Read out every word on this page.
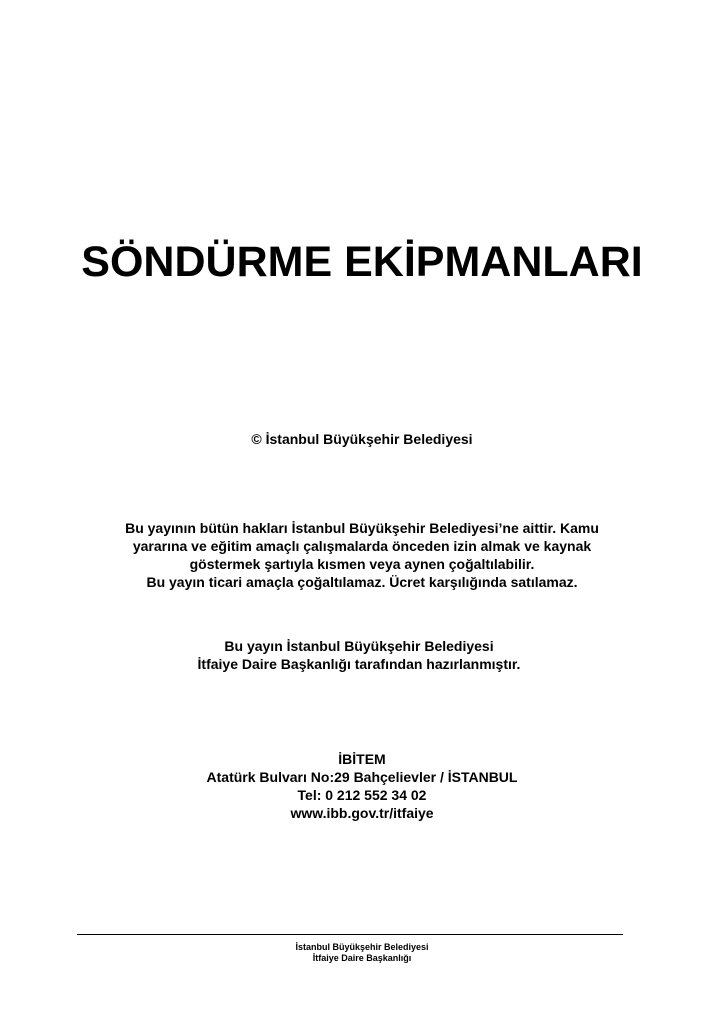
SÖNDÜRME EKİPMANLARI
© İstanbul Büyükşehir Belediyesi
Bu yayının bütün hakları İstanbul Büyükşehir Belediyesi’ne aittir. Kamu
yararına ve eğitim amaçlı çalışmalarda önceden izin almak ve kaynak
göstermek şartıyla kısmen veya aynen çoğaltılabilir.
Bu yayın ticari amaçla çoğaltılamaz. Ücret karşılığında satılamaz.
Bu yayın İstanbul Büyükşehir Belediyesi
İtfaiye Daire Başkanlığı tarafından hazırlanmıştır.
İBİTEM
Atatürk Bulvarı No:29 Bahçelievler / İSTANBUL
Tel: 0 212 552 34 02
www.ibb.gov.tr/itfaiye
İstanbul Büyükşehir Belediyesi
İtfaiye Daire Başkanlığı
